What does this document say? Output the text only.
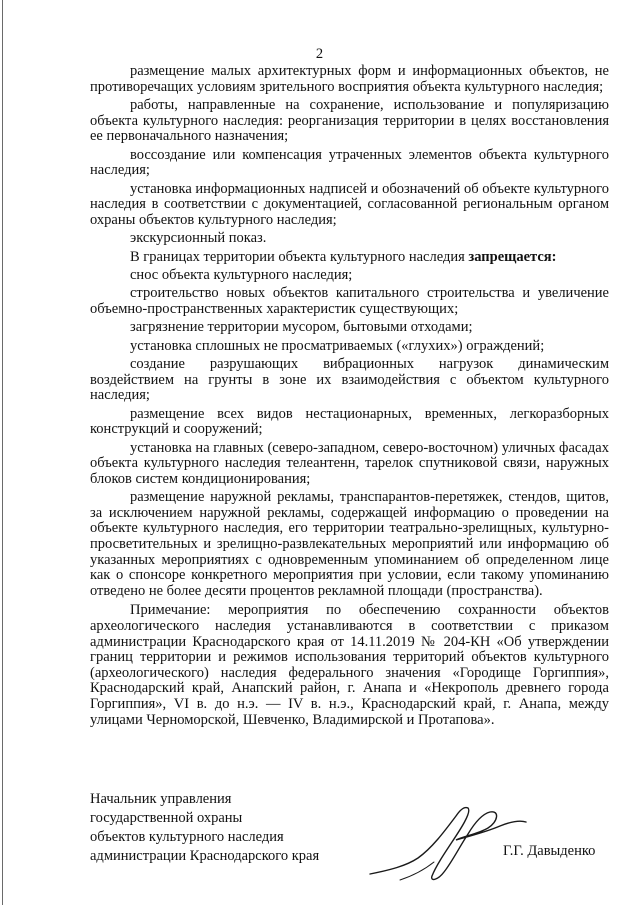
2

размещение малых архитектурных форм и информационных объектов, не противоречащих условиям зрительного восприятия объекта культурного наследия;

работы, направленные на сохранение, использование и популяризацию объекта культурного наследия: реорганизация территории в целях восстановления ее первоначального назначения;

воссоздание или компенсация утраченных элементов объекта культурного наследия;

установка информационных надписей и обозначений об объекте культурного наследия в соответствии с документацией, согласованной региональным органом охраны объектов культурного наследия;

экскурсионный показ.

В границах территории объекта культурного наследия запрещается:

снос объекта культурного наследия;

строительство новых объектов капитального строительства и увеличение объемно-пространственных характеристик существующих;

загрязнение территории мусором, бытовыми отходами;

установка сплошных не просматриваемых («глухих») ограждений;

создание разрушающих вибрационных нагрузок динамическим воздействием на грунты в зоне их взаимодействия с объектом культурного наследия;

размещение всех видов нестационарных, временных, легкоразборных конструкций и сооружений;

установка на главных (северо-западном, северо-восточном) уличных фасадах объекта культурного наследия телеантенн, тарелок спутниковой связи, наружных блоков систем кондиционирования;

размещение наружной рекламы, транспарантов-перетяжек, стендов, щитов, за исключением наружной рекламы, содержащей информацию о проведении на объекте культурного наследия, его территории театрально-зрелищных, культурно-просветительных и зрелищно-развлекательных мероприятий или информацию об указанных мероприятиях с одновременным упоминанием об определенном лице как о спонсоре конкретного мероприятия при условии, если такому упоминанию отведено не более десяти процентов рекламной площади (пространства).

Примечание: мероприятия по обеспечению сохранности объектов археологического наследия устанавливаются в соответствии с приказом администрации Краснодарского края от 14.11.2019 № 204-КН «Об утверждении границ территории и режимов использования территорий объектов культурного (археологического) наследия федерального значения «Городище Горгиппия», Краснодарский край, Анапский район, г. Анапа и «Некрополь древнего города Горгиппия», VI в. до н.э. — IV в. н.э., Краснодарский край, г. Анапа, между улицами Черноморской, Шевченко, Владимирской и Протапова».

Начальник управления
государственной охраны
объектов культурного наследия
администрации Краснодарского края	Г.Г. Давыденко
